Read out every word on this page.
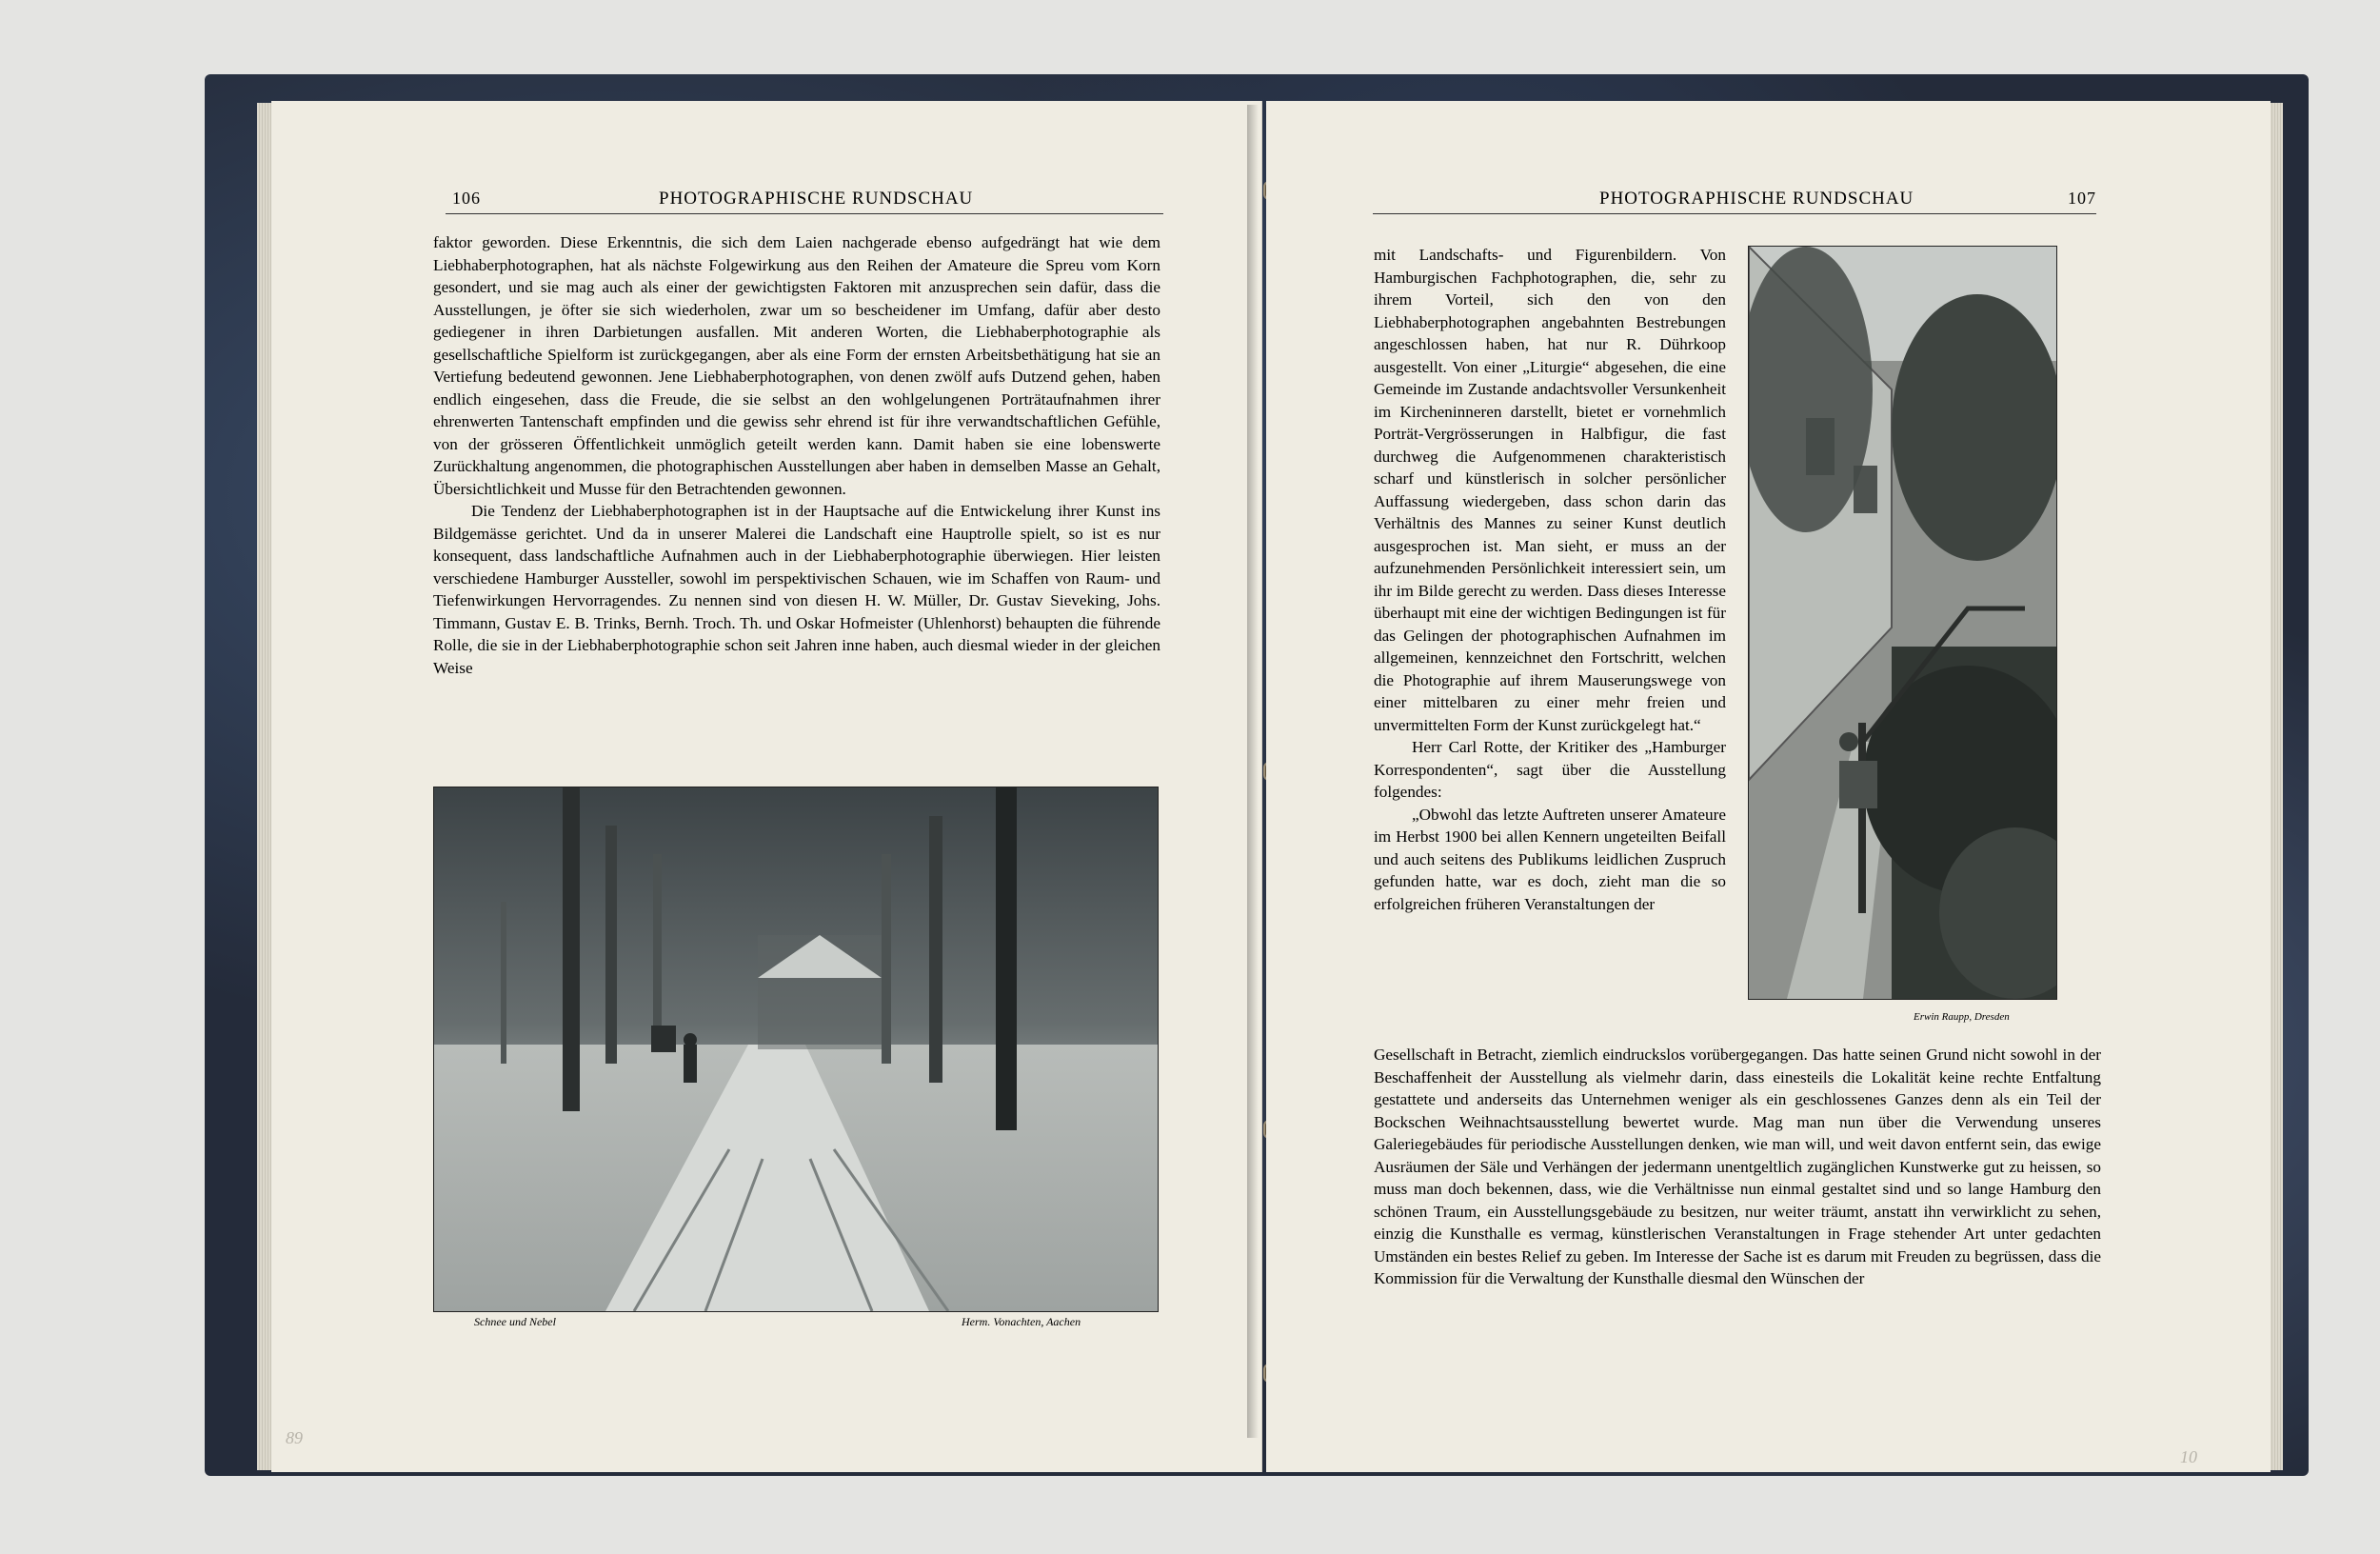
106	PHOTOGRAPHISCHE RUNDSCHAU

faktor geworden. Diese Erkenntnis, die sich dem Laien nachgerade ebenso aufgedrängt hat wie dem Liebhaberphotographen, hat als nächste Folgewirkung aus den Reihen der Amateure die Spreu vom Korn gesondert, und sie mag auch als einer der gewichtigsten Faktoren mit anzusprechen sein dafür, dass die Ausstellungen, je öfter sie sich wiederholen, zwar um so bescheidener im Umfang, dafür aber desto gediegener in ihren Darbietungen ausfallen. Mit anderen Worten, die Liebhaberphotographie als gesellschaftliche Spielform ist zurückgegangen, aber als eine Form der ernsten Arbeitsbethätigung hat sie an Vertiefung bedeutend gewonnen. Jene Liebhaberphotographen, von denen zwölf aufs Dutzend gehen, haben endlich eingesehen, dass die Freude, die sie selbst an den wohlgelungenen Porträtaufnahmen ihrer ehrenwerten Tantenschaft empfinden und die gewiss sehr ehrend ist für ihre verwandtschaftlichen Gefühle, von der grösseren Öffentlichkeit unmöglich geteilt werden kann. Damit haben sie eine lobenswerte Zurückhaltung angenommen, die photographischen Ausstellungen aber haben in demselben Masse an Gehalt, Übersichtlichkeit und Musse für den Betrachtenden gewonnen.

Die Tendenz der Liebhaberphotographen ist in der Hauptsache auf die Entwickelung ihrer Kunst ins Bildgemässe gerichtet. Und da in unserer Malerei die Landschaft eine Hauptrolle spielt, so ist es nur konsequent, dass landschaftliche Aufnahmen auch in der Liebhaberphotographie überwiegen. Hier leisten verschiedene Hamburger Aussteller, sowohl im perspektivischen Schauen, wie im Schaffen von Raum- und Tiefenwirkungen Hervorragendes. Zu nennen sind von diesen H. W. Müller, Dr. Gustav Sieveking, Johs. Timmann, Gustav E. B. Trinks, Bernh. Troch. Th. und Oskar Hofmeister (Uhlenhorst) behaupten die führende Rolle, die sie in der Liebhaberphotographie schon seit Jahren inne haben, auch diesmal wieder in der gleichen Weise

Schnee und Nebel	Herm. Vonachten, Aachen
PHOTOGRAPHISCHE RUNDSCHAU	107

mit Landschafts- und Figurenbildern. Von Hamburgischen Fachphotographen, die, sehr zu ihrem Vorteil, sich den von den Liebhaberphotographen angebahnten Bestrebungen angeschlossen haben, hat nur R. Dührkoop ausgestellt. Von einer „Liturgie“ abgesehen, die eine Gemeinde im Zustande andachtsvoller Versunkenheit im Kircheninneren darstellt, bietet er vornehmlich Porträt-Vergrösserungen in Halbfigur, die fast durchweg die Aufgenommenen charakteristisch scharf und künstlerisch in solcher persönlicher Auffassung wiedergeben, dass schon darin das Verhältnis des Mannes zu seiner Kunst deutlich ausgesprochen ist. Man sieht, er muss an der aufzunehmenden Persönlichkeit interessiert sein, um ihr im Bilde gerecht zu werden. Dass dieses Interesse überhaupt mit eine der wichtigen Bedingungen ist für das Gelingen der photographischen Aufnahmen im allgemeinen, kennzeichnet den Fortschritt, welchen die Photographie auf ihrem Mauserungswege von einer mittelbaren zu einer mehr freien und unvermittelten Form der Kunst zurückgelegt hat.“

Herr Carl Rotte, der Kritiker des „Hamburger Korrespondenten“, sagt über die Ausstellung folgendes:

„Obwohl das letzte Auftreten unserer Amateure im Herbst 1900 bei allen Kennern ungeteilten Beifall und auch seitens des Publikums leidlichen Zuspruch gefunden hatte, war es doch, zieht man die so erfolgreichen früheren Veranstaltungen der

Erwin Raupp, Dresden

Gesellschaft in Betracht, ziemlich eindruckslos vorübergegangen. Das hatte seinen Grund nicht sowohl in der Beschaffenheit der Ausstellung als vielmehr darin, dass einesteils die Lokalität keine rechte Entfaltung gestattete und anderseits das Unternehmen weniger als ein geschlossenes Ganzes denn als ein Teil der Bockschen Weihnachtsausstellung bewertet wurde. Mag man nun über die Verwendung unseres Galeriegebäudes für periodische Ausstellungen denken, wie man will, und weit davon entfernt sein, das ewige Ausräumen der Säle und Verhängen der jedermann unentgeltlich zugänglichen Kunstwerke gut zu heissen, so muss man doch bekennen, dass, wie die Verhältnisse nun einmal gestaltet sind und so lange Hamburg den schönen Traum, ein Ausstellungsgebäude zu besitzen, nur weiter träumt, anstatt ihn verwirklicht zu sehen, einzig die Kunsthalle es vermag, künstlerischen Veranstaltungen in Frage stehender Art unter gedachten Umständen ein bestes Relief zu geben. Im Interesse der Sache ist es darum mit Freuden zu begrüssen, dass die Kommission für die Verwaltung der Kunsthalle diesmal den Wünschen der

89
10
